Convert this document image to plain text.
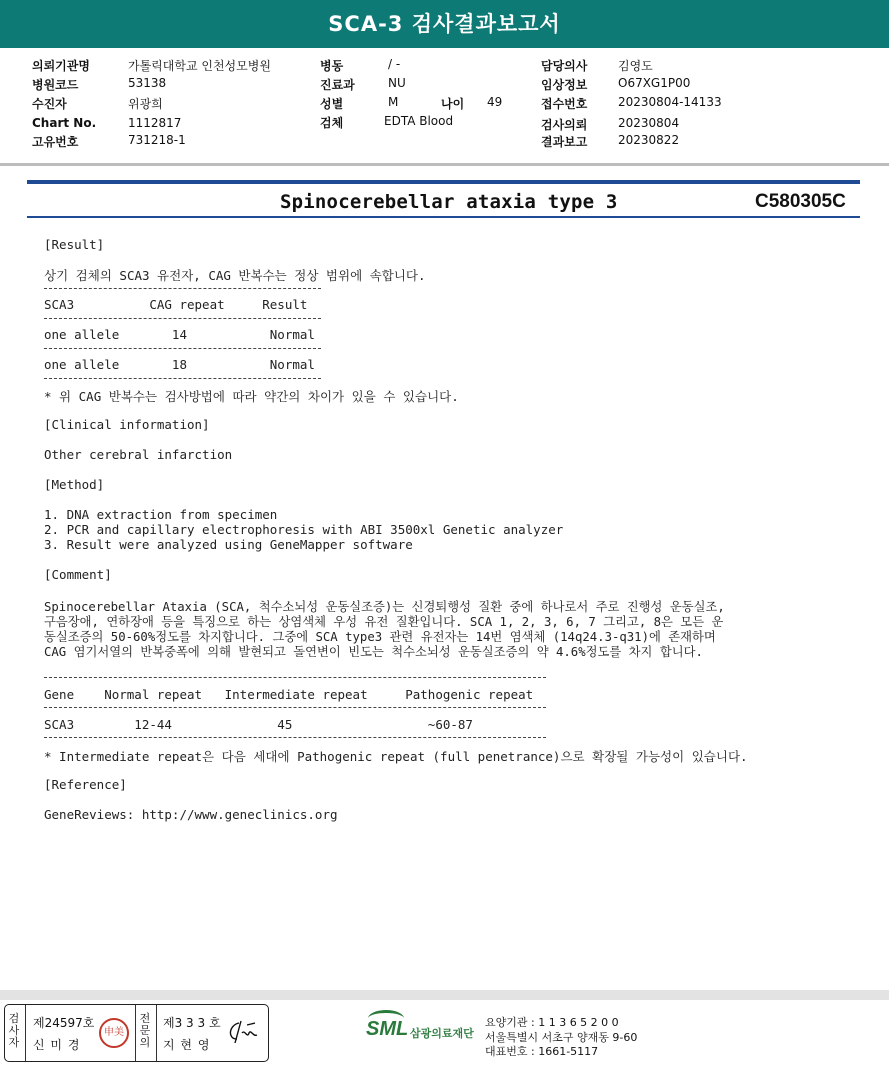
SCA-3 검사결과보고서
의뢰기관명	가톨릭대학교 인천성모병원
병원코드	53138
수진자	위광희
Chart No.	1112817
고유번호	731218-1
병동	/ -
진료과	NU
성별	M	나이 49
검체	EDTA Blood
담당의사	김영도
임상정보	O67XG1P00
접수번호	20230804-14133
검사의뢰	20230804
결과보고	20230822
Spinocerebellar ataxia type 3	C580305C
[Result]
상기 검체의 SCA3 유전자, CAG 반복수는 정상 범위에 속합니다.
SCA3          CAG repeat     Result
one allele       14           Normal
one allele       18           Normal
* 위 CAG 반복수는 검사방법에 따라 약간의 차이가 있을 수 있습니다.
[Clinical information]
Other cerebral infarction
[Method]
1. DNA extraction from specimen
2. PCR and capillary electrophoresis with ABI 3500xl Genetic analyzer
3. Result were analyzed using GeneMapper software
[Comment]
Spinocerebellar Ataxia (SCA, 척수소뇌성 운동실조증)는 신경퇴행성 질환 중에 하나로서 주로 진행성 운동실조,
구음장애, 연하장애 등을 특징으로 하는 상염색체 우성 유전 질환입니다. SCA 1, 2, 3, 6, 7 그리고, 8은 모든 운
동실조증의 50-60%정도를 차지합니다. 그중에 SCA type3 관련 유전자는 14번 염색체 (14q24.3-q31)에 존재하며
CAG 염기서열의 반복중폭에 의해 발현되고 돌연변이 빈도는 척수소뇌성 운동실조증의 약 4.6%정도를 차지 합니다.
Gene    Normal repeat   Intermediate repeat     Pathogenic repeat
SCA3        12-44              45                  ~60-87
* Intermediate repeat은 다음 세대에 Pathogenic repeat (full penetrance)으로 확장될 가능성이 있습니다.
[Reference]
GeneReviews: http://www.geneclinics.org
검사자
제24597호
신 미 경
申美
전문의
제3 3 3 호
지 현 영
SML 삼광의료재단
요양기관 : 1 1 3 6 5 2 0 0
서울특별시 서초구 양재동 9-60
대표번호 : 1661-5117
